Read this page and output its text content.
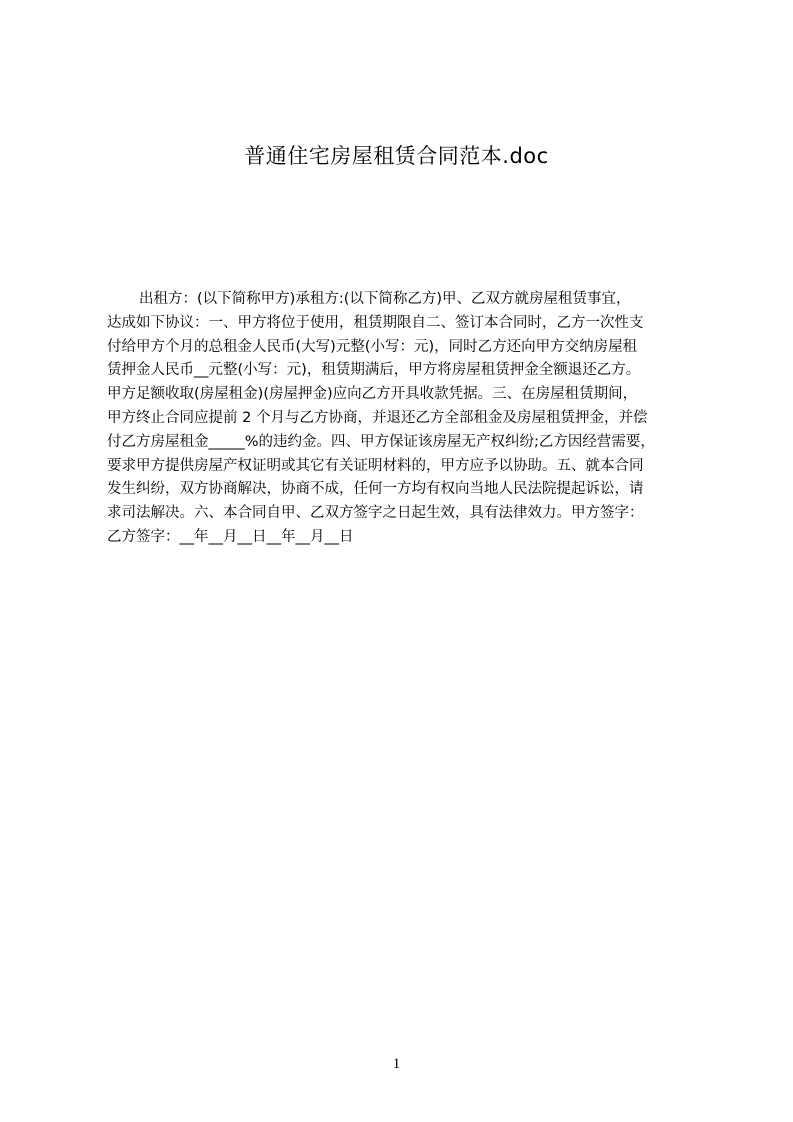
普通住宅房屋租赁合同范本.doc
出租方：(以下简称甲方)承租方:(以下简称乙方)甲、乙双方就房屋租赁事宜，
达成如下协议：一、甲方将位于使用，租赁期限自二、签订本合同时，乙方一次性支
付给甲方个月的总租金人民币(大写)元整(小写：元)，同时乙方还向甲方交纳房屋租
赁押金人民币__元整(小写：元)，租赁期满后，甲方将房屋租赁押金全额退还乙方。
甲方足额收取(房屋租金)(房屋押金)应向乙方开具收款凭据。三、在房屋租赁期间，
甲方终止合同应提前 2 个月与乙方协商，并退还乙方全部租金及房屋租赁押金，并偿
付乙方房屋租金_____%的违约金。四、甲方保证该房屋无产权纠纷;乙方因经营需要，
要求甲方提供房屋产权证明或其它有关证明材料的，甲方应予以协助。五、就本合同
发生纠纷，双方协商解决，协商不成，任何一方均有权向当地人民法院提起诉讼，请
求司法解决。六、本合同自甲、乙双方签字之日起生效，具有法律效力。甲方签字：
乙方签字：__年__月__日__年__月__日
1
